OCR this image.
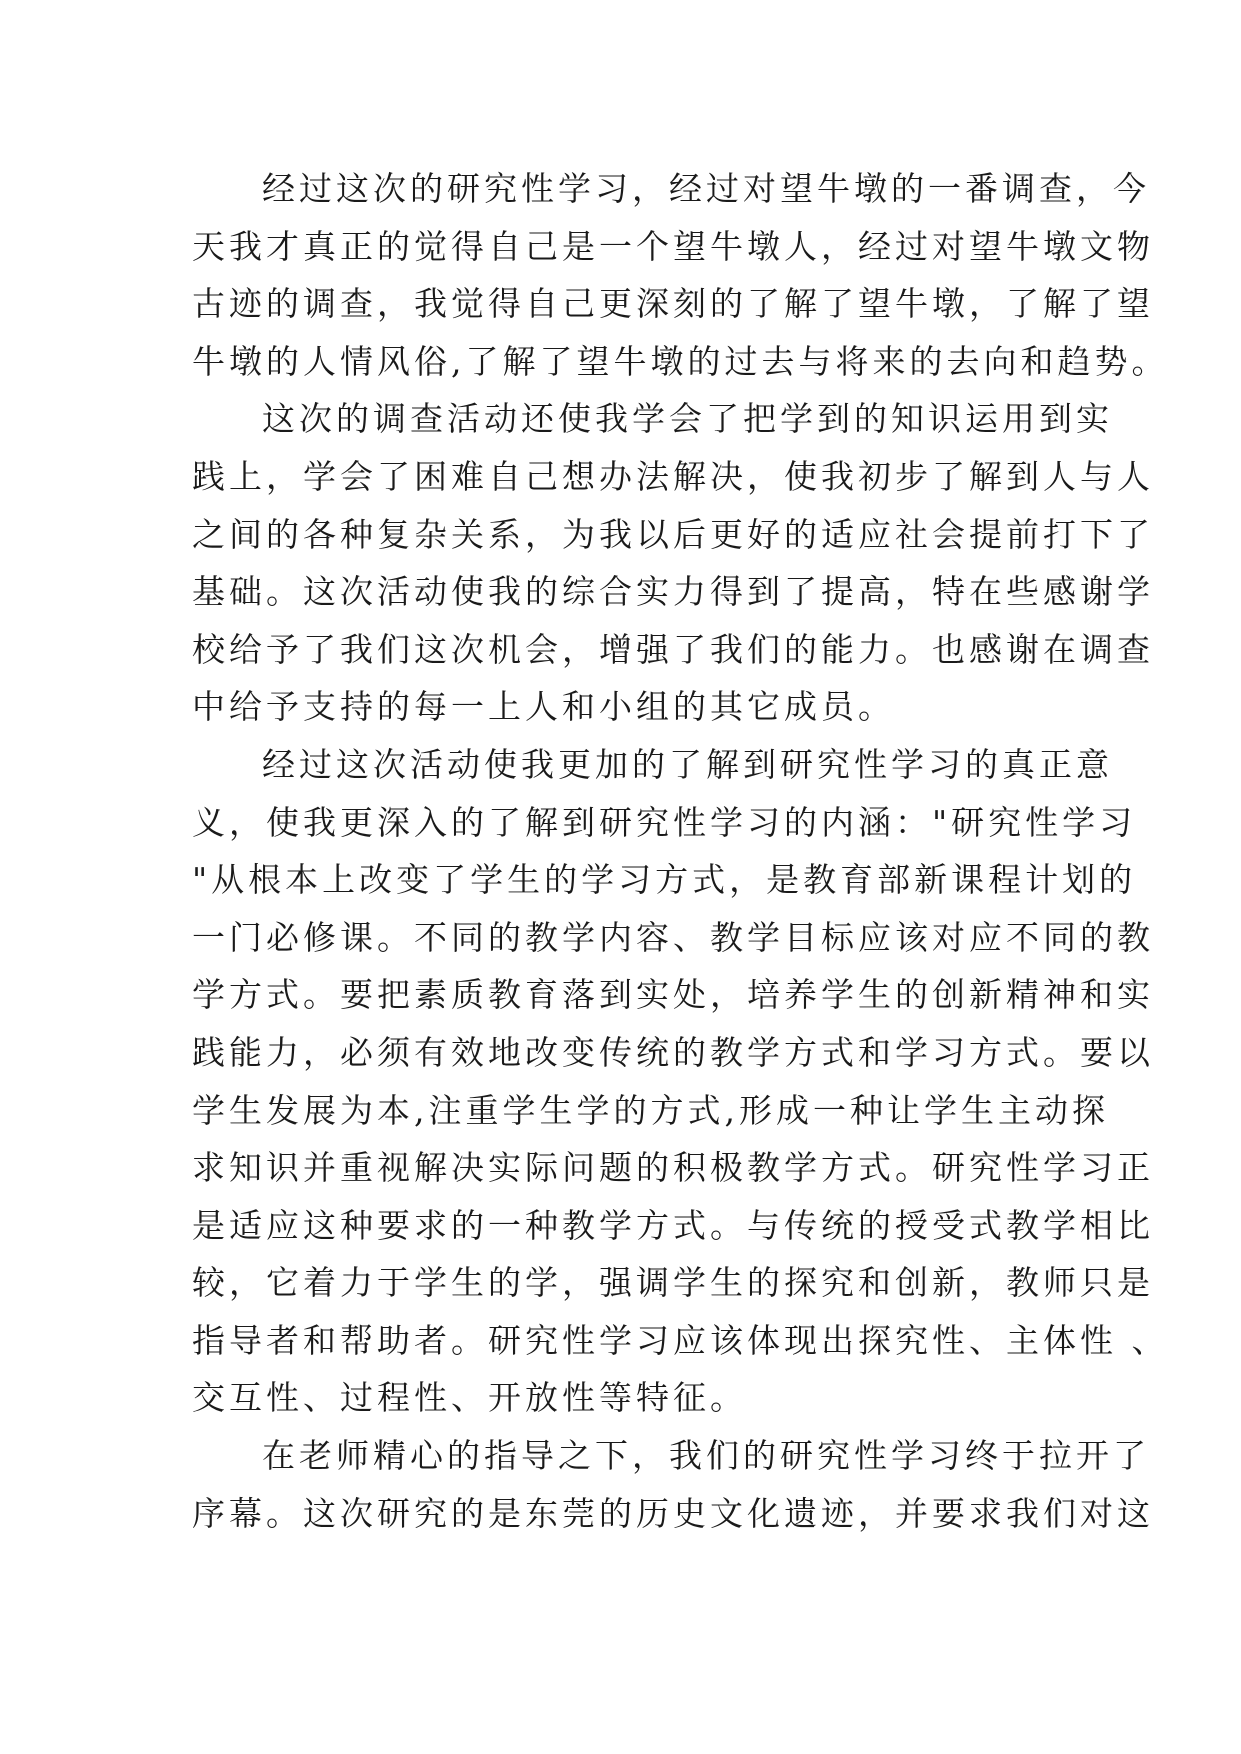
经过这次的研究性学习，经过对望牛墩的一番调查，今
天我才真正的觉得自己是一个望牛墩人，经过对望牛墩文物
古迹的调查，我觉得自己更深刻的了解了望牛墩，了解了望
牛墩的人情风俗,了解了望牛墩的过去与将来的去向和趋势。
这次的调查活动还使我学会了把学到的知识运用到实
践上，学会了困难自己想办法解决，使我初步了解到人与人
之间的各种复杂关系，为我以后更好的适应社会提前打下了
基础。这次活动使我的综合实力得到了提高，特在些感谢学
校给予了我们这次机会，增强了我们的能力。也感谢在调查
中给予支持的每一上人和小组的其它成员。
经过这次活动使我更加的了解到研究性学习的真正意
义，使我更深入的了解到研究性学习的内涵："研究性学习
"从根本上改变了学生的学习方式，是教育部新课程计划的
一门必修课。不同的教学内容、教学目标应该对应不同的教
学方式。要把素质教育落到实处，培养学生的创新精神和实
践能力，必须有效地改变传统的教学方式和学习方式。要以
学生发展为本,注重学生学的方式,形成一种让学生主动探
求知识并重视解决实际问题的积极教学方式。研究性学习正
是适应这种要求的一种教学方式。与传统的授受式教学相比
较，它着力于学生的学，强调学生的探究和创新，教师只是
指导者和帮助者。研究性学习应该体现出探究性、主体性 、
交互性、过程性、开放性等特征。
在老师精心的指导之下，我们的研究性学习终于拉开了
序幕。这次研究的是东莞的历史文化遗迹，并要求我们对这
